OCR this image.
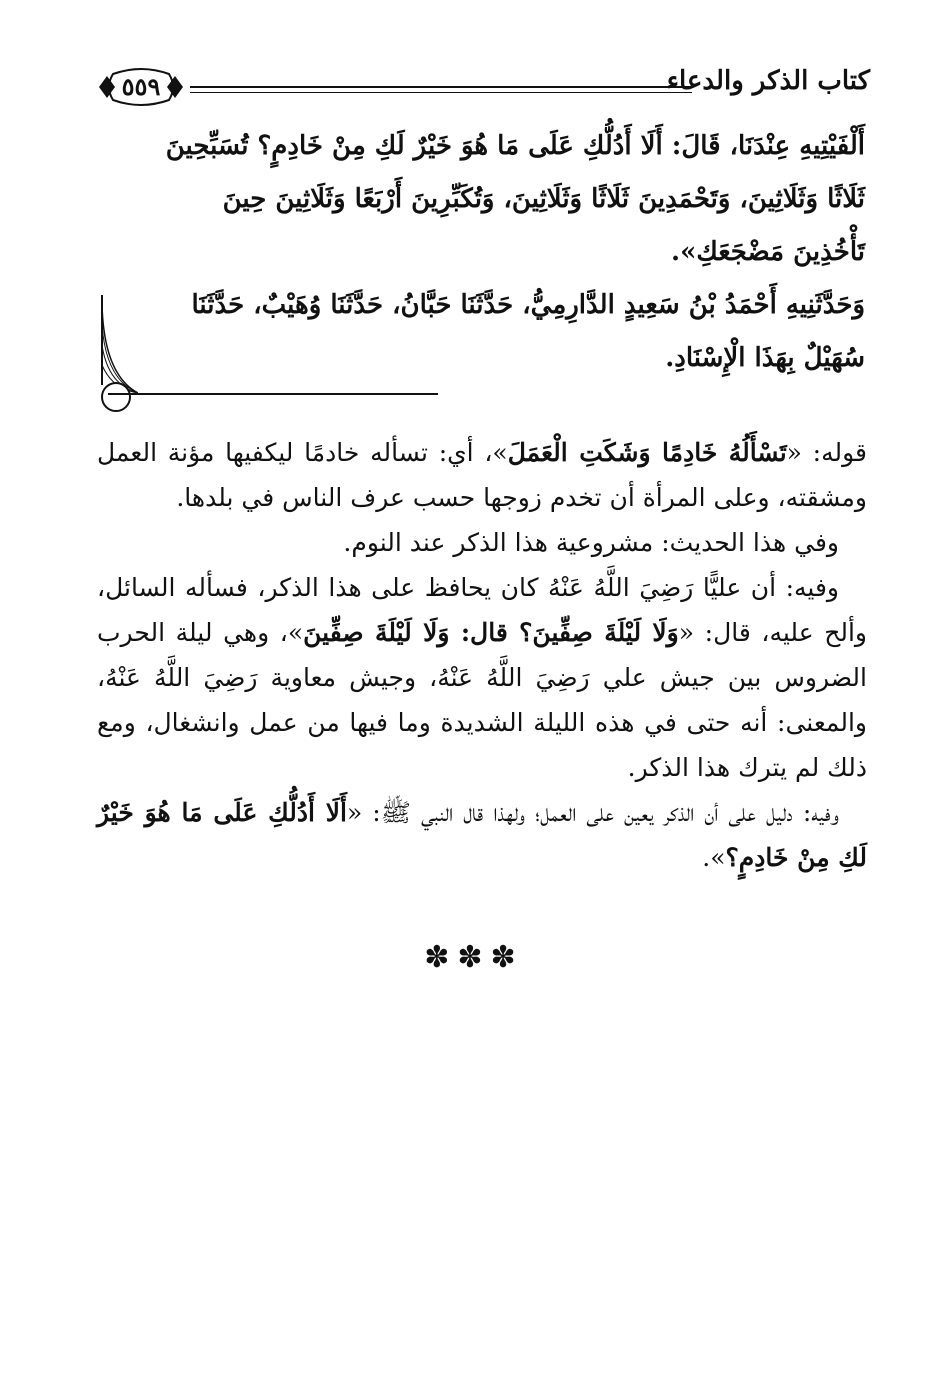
كتاب الذكر والدعاء
٥٥٩

أَلْفَيْتِيهِ عِنْدَنَا، قَالَ: أَلَا أَدُلُّكِ عَلَى مَا هُوَ خَيْرٌ لَكِ مِنْ خَادِمٍ؟ تُسَبِّحِينَ

ثَلَاثًا وَثَلَاثِينَ، وَتَحْمَدِينَ ثَلَاثًا وَثَلَاثِينَ، وَتُكَبِّرِينَ أَرْبَعًا وَثَلَاثِينَ حِينَ

تَأْخُذِينَ مَضْجَعَكِ».

وَحَدَّثَنِيهِ أَحْمَدُ بْنُ سَعِيدٍ الدَّارِمِيُّ، حَدَّثَنَا حَبَّانُ، حَدَّثَنَا وُهَيْبٌ، حَدَّثَنَا

سُهَيْلٌ بِهَذَا الْإِسْنَادِ.

قوله: «تَسْأَلُهُ خَادِمًا وَشَكَتِ الْعَمَلَ»، أي: تسأله خادمًا ليكفيها مؤنة العمل ومشقته، وعلى المرأة أن تخدم زوجها حسب عرف الناس في بلدها.

وفي هذا الحديث: مشروعية هذا الذكر عند النوم.

وفيه: أن عليًّا رَضِيَ اللَّهُ عَنْهُ كان يحافظ على هذا الذكر، فسأله السائل، وألح عليه، قال: «وَلَا لَيْلَةَ صِفِّينَ؟ قال: وَلَا لَيْلَةَ صِفِّينَ»، وهي ليلة الحرب الضروس بين جيش علي رَضِيَ اللَّهُ عَنْهُ، وجيش معاوية رَضِيَ اللَّهُ عَنْهُ، والمعنى: أنه حتى في هذه الليلة الشديدة وما فيها من عمل وانشغال، ومع ذلك لم يترك هذا الذكر.

وفيه: دليل على أن الذكر يعين على العمل؛ ولهذا قال النبي ﷺ: «أَلَا أَدُلُّكِ عَلَى مَا هُوَ خَيْرٌ لَكِ مِنْ خَادِمٍ؟».

✽✽✽
